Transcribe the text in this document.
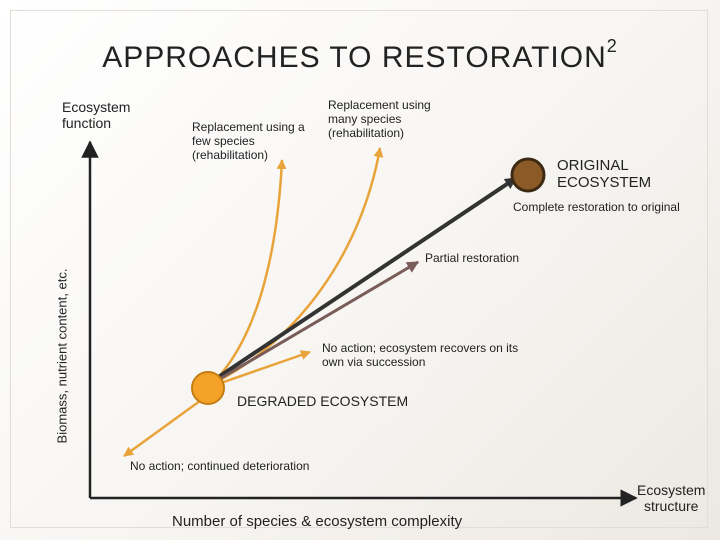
APPROACHES TO RESTORATION$^2$
Ecosystem
function
Biomass, nutrient content, etc.
Number of species & ecosystem complexity
Ecosystem
structure
Replacement using a
few species
(rehabilitation)
Replacement using
many species
(rehabilitation)
ORIGINAL
ECOSYSTEM
Complete restoration to original
Partial restoration
No action; ecosystem recovers on its
own via succession
DEGRADED ECOSYSTEM
No action; continued deterioration
